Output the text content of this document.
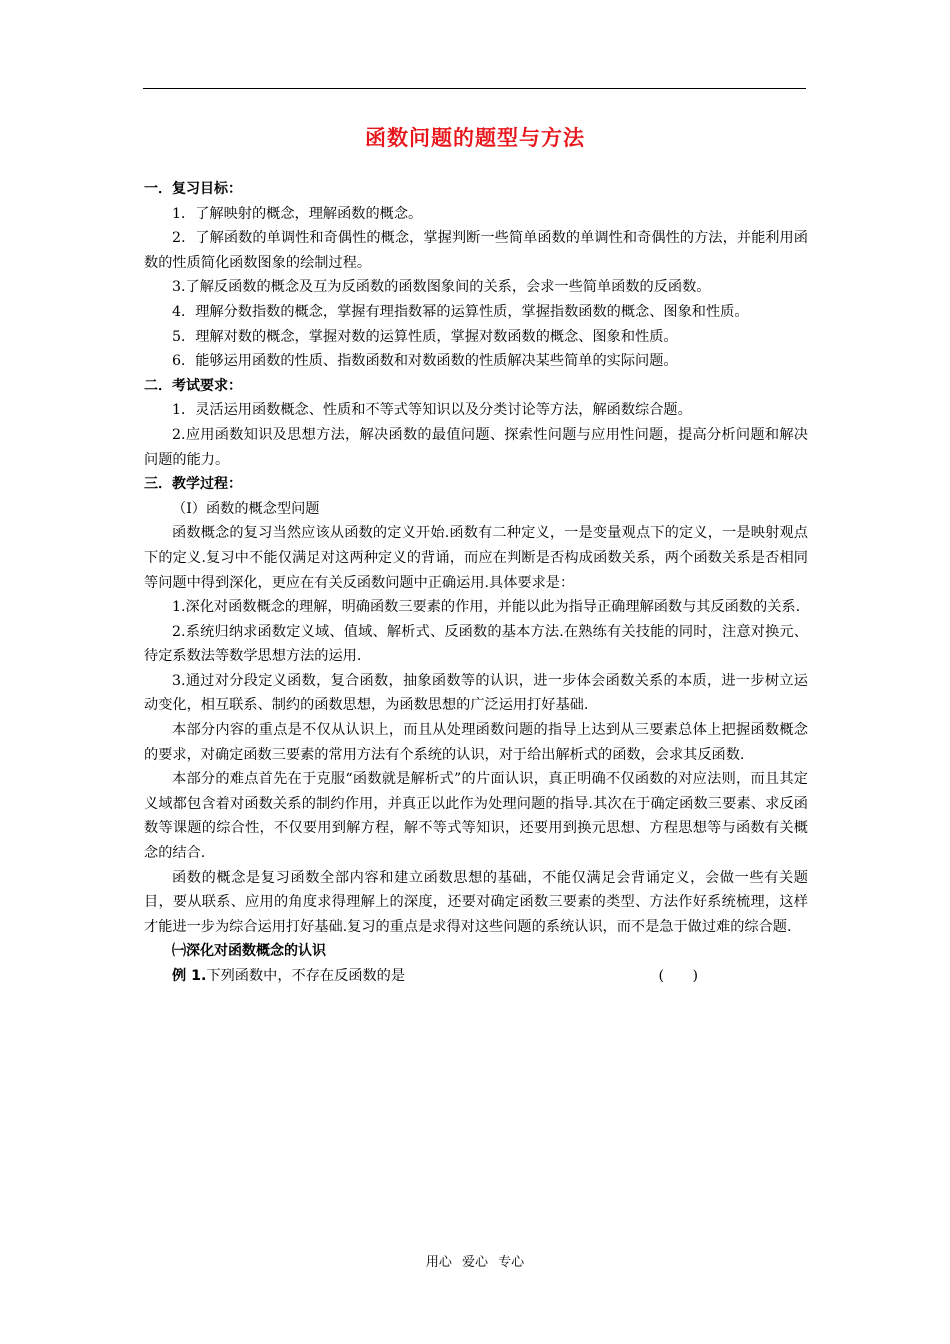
函数问题的题型与方法

一．复习目标：

1．了解映射的概念，理解函数的概念。

2．了解函数的单调性和奇偶性的概念，掌握判断一些简单函数的单调性和奇偶性的方法，并能利用函数的性质简化函数图象的绘制过程。

3.了解反函数的概念及互为反函数的函数图象间的关系，会求一些简单函数的反函数。

4．理解分数指数的概念，掌握有理指数幂的运算性质，掌握指数函数的概念、图象和性质。

5．理解对数的概念，掌握对数的运算性质，掌握对数函数的概念、图象和性质。

6．能够运用函数的性质、指数函数和对数函数的性质解决某些简单的实际问题。

二．考试要求：

1．灵活运用函数概念、性质和不等式等知识以及分类讨论等方法，解函数综合题。

2.应用函数知识及思想方法，解决函数的最值问题、探索性问题与应用性问题，提高分析问题和解决问题的能力。

三．教学过程：

（Ⅰ）函数的概念型问题

函数概念的复习当然应该从函数的定义开始.函数有二种定义，一是变量观点下的定义，一是映射观点下的定义.复习中不能仅满足对这两种定义的背诵，而应在判断是否构成函数关系，两个函数关系是否相同等问题中得到深化，更应在有关反函数问题中正确运用.具体要求是：

1.深化对函数概念的理解，明确函数三要素的作用，并能以此为指导正确理解函数与其反函数的关系.

2.系统归纳求函数定义域、值域、解析式、反函数的基本方法.在熟练有关技能的同时，注意对换元、待定系数法等数学思想方法的运用.

3.通过对分段定义函数，复合函数，抽象函数等的认识，进一步体会函数关系的本质，进一步树立运动变化，相互联系、制约的函数思想，为函数思想的广泛运用打好基础.

本部分内容的重点是不仅从认识上，而且从处理函数问题的指导上达到从三要素总体上把握函数概念的要求，对确定函数三要素的常用方法有个系统的认识，对于给出解析式的函数，会求其反函数.

本部分的难点首先在于克服“函数就是解析式”的片面认识，真正明确不仅函数的对应法则，而且其定义域都包含着对函数关系的制约作用，并真正以此作为处理问题的指导.其次在于确定函数三要素、求反函数等课题的综合性，不仅要用到解方程，解不等式等知识，还要用到换元思想、方程思想等与函数有关概念的结合.

函数的概念是复习函数全部内容和建立函数思想的基础，不能仅满足会背诵定义，会做一些有关题目，要从联系、应用的角度求得理解上的深度，还要对确定函数三要素的类型、方法作好系统梳理，这样才能进一步为综合运用打好基础.复习的重点是求得对这些问题的系统认识，而不是急于做过难的综合题.

㈠深化对函数概念的认识

例 1.下列函数中，不存在反函数的是	(　　)

用心 爱心 专心
